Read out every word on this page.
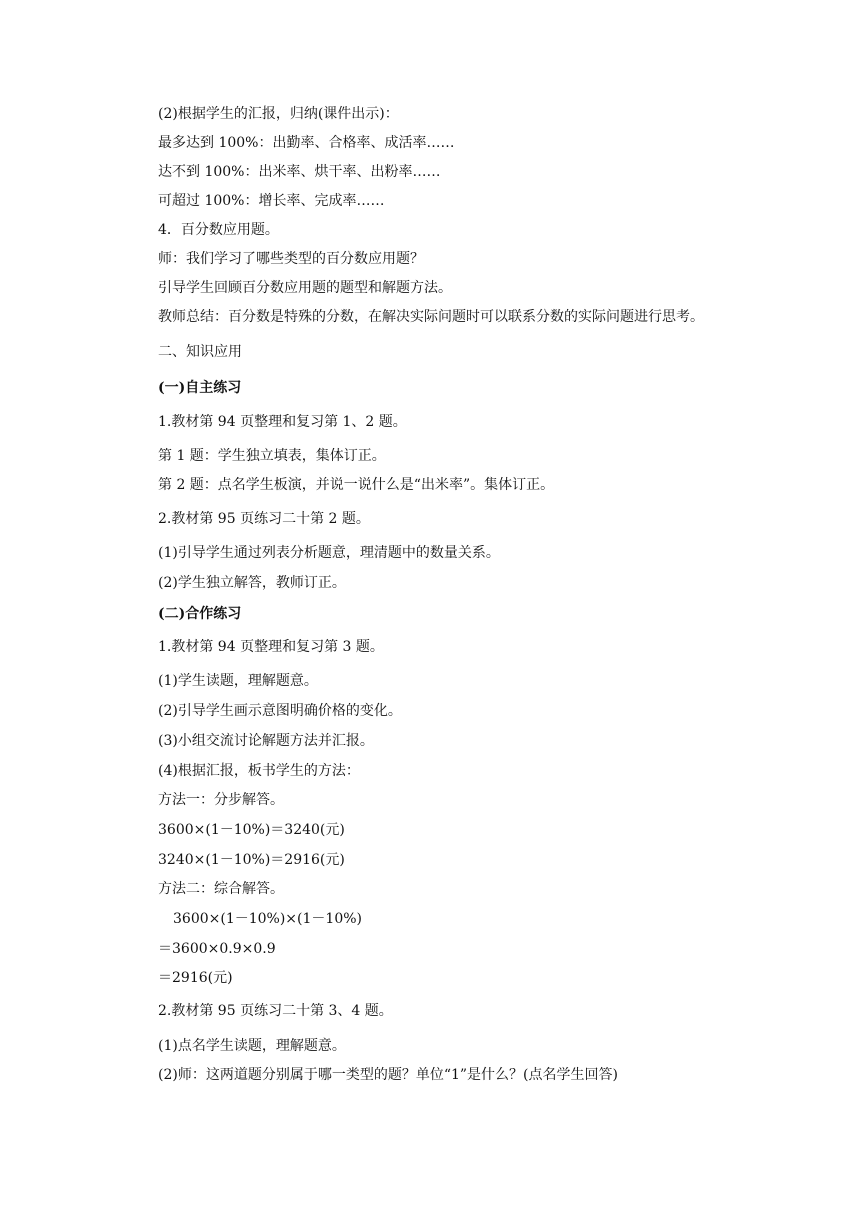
(2)根据学生的汇报，归纳(课件出示)：
最多达到 100%：出勤率、合格率、成活率……
达不到 100%：出米率、烘干率、出粉率……
可超过 100%：增长率、完成率……
4．百分数应用题。
师：我们学习了哪些类型的百分数应用题？
引导学生回顾百分数应用题的题型和解题方法。
教师总结：百分数是特殊的分数，在解决实际问题时可以联系分数的实际问题进行思考。
二、知识应用
(一)自主练习
1.教材第 94 页整理和复习第 1、2 题。
第 1 题：学生独立填表，集体订正。
第 2 题：点名学生板演，并说一说什么是“出米率”。集体订正。
2.教材第 95 页练习二十第 2 题。
(1)引导学生通过列表分析题意，理清题中的数量关系。
(2)学生独立解答，教师订正。
(二)合作练习
1.教材第 94 页整理和复习第 3 题。
(1)学生读题，理解题意。
(2)引导学生画示意图明确价格的变化。
(3)小组交流讨论解题方法并汇报。
(4)根据汇报，板书学生的方法：
方法一：分步解答。
3600×(1－10%)＝3240(元)
3240×(1－10%)＝2916(元)
方法二：综合解答。
3600×(1－10%)×(1－10%)
＝3600×0.9×0.9
＝2916(元)
2.教材第 95 页练习二十第 3、4 题。
(1)点名学生读题，理解题意。
(2)师：这两道题分别属于哪一类型的题？单位“1”是什么？(点名学生回答)
